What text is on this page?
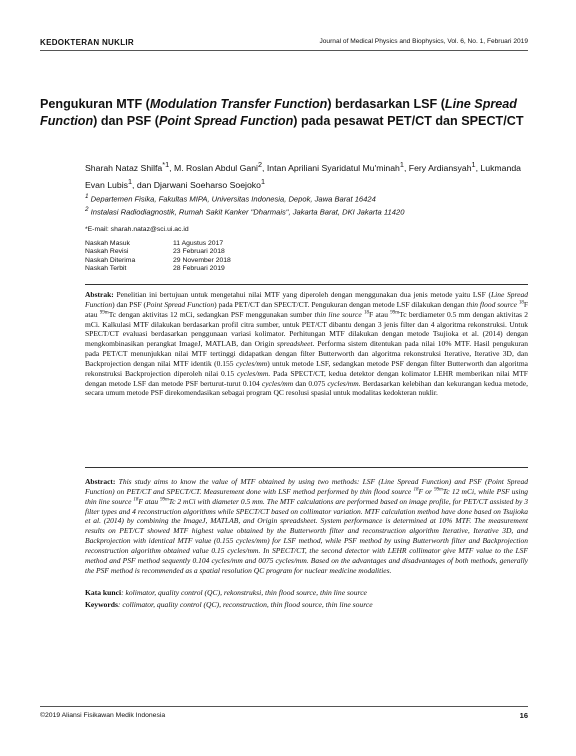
KEDOKTERAN NUKLIR	Journal of Medical Physics and Biophysics, Vol. 6, No. 1, Februari 2019
Pengukuran MTF (Modulation Transfer Function) berdasarkan LSF (Line Spread Function) dan PSF (Point Spread Function) pada pesawat PET/CT dan SPECT/CT
Sharah Nataz Shilfa$^{*1}$, M. Roslan Abdul Gani$^2$, Intan Apriliani Syaridatul Mu'minah$^1$, Fery Ardiansyah$^1$, Lukmanda Evan Lubis$^1$, dan Djarwani Soeharso Soejoko$^1$
$^1$ Departemen Fisika, Fakultas MIPA, Universitas Indonesia, Depok, Jawa Barat 16424
$^2$ Instalasi Radiodiagnostik, Rumah Sakit Kanker "Dharmais", Jakarta Barat, DKI Jakarta 11420
*E-mail: sharah.nataz@sci.ui.ac.id
Naskah Masuk	11 Agustus 2017
Naskah Revisi	23 Februari 2018
Naskah Diterima	29 November 2018
Naskah Terbit	28 Februari 2019

Abstrak: Penelitian ini bertujuan untuk mengetahui nilai MTF yang diperoleh dengan menggunakan dua jenis metode yaitu LSF (Line Spread Function) dan PSF (Point Spread Function) pada PET/CT dan SPECT/CT. Pengukuran dengan metode LSF dilakukan dengan thin flood source $^{18}$F atau $^{99m}$Tc dengan aktivitas 12 mCi, sedangkan PSF menggunakan sumber thin line source $^{18}$F atau $^{99m}$Tc berdiameter 0.5 mm dengan aktivitas 2 mCi. Kalkulasi MTF dilakukan berdasarkan profil citra sumber, untuk PET/CT dibantu dengan 3 jenis filter dan 4 algoritma rekonstruksi. Untuk SPECT/CT evaluasi berdasarkan penggunaan variasi kolimator. Perhitungan MTF dilakukan dengan metode Tsujioka et al. (2014) dengan mengkombinasikan perangkat ImageJ, MATLAB, dan Origin spreadsheet. Performa sistem ditentukan pada nilai 10% MTF. Hasil pengukuran pada PET/CT menunjukkan nilai MTF tertinggi didapatkan dengan filter Butterworth dan algoritma rekonstruksi Iterative, Iterative 3D, dan Backprojection dengan nilai MTF identik (0.155 cycles/mm) untuk metode LSF, sedangkan metode PSF dengan filter Butterworth dan algoritma rekonstruksi Backprojection diperoleh nilai 0.15 cycles/mm. Pada SPECT/CT, kedua detektor dengan kolimator LEHR memberikan nilai MTF dengan metode LSF dan metode PSF berturut-turut 0.104 cycles/mm dan 0.075 cycles/mm. Berdasarkan kelebihan dan kekurangan kedua metode, secara umum metode PSF direkomendasikan sebagai program QC resolusi spasial untuk modalitas kedokteran nuklir.

Abstract: This study aims to know the value of MTF obtained by using two methods: LSF (Line Spread Function) and PSF (Point Spread Function) on PET/CT and SPECT/CT. Measurement done with LSF method performed by thin flood source $^{18}$F or $^{99m}$Tc 12 mCi, while PSF using thin line source $^{18}$F atau $^{99m}$Tc 2 mCi with diameter 0.5 mm. The MTF calculations are performed based on image profile, for PET/CT assisted by 3 filter types and 4 reconstruction algorithms while SPECT/CT based on collimator variation. MTF calculation method have done based on Tsujioka et al. (2014) by combining the ImageJ, MATLAB, and Origin spreadsheet. System performance is determined at 10% MTF. The measurement results on PET/CT showed MTF highest value obtained by the Butterworth filter and reconstruction algorithm Iterative, Iterative 3D, and Backprojection with identical MTF value (0.155 cycles/mm) for LSF method, while PSF method by using Butterworth filter and Backprojection reconstruction algorithm obtained value 0.15 cycles/mm. In SPECT/CT, the second detector with LEHR collimator give MTF value to the LSF method and PSF method sequently 0.104 cycles/mm and 0075 cycles/mm. Based on the advantages and disadvantages of both methods, generally the PSF method is recommended as a spatial resolution QC program for nuclear medicine modalities.

Kata kunci: kolimator, quality control (QC), rekonstruksi, thin flood source, thin line source
Keywords: collimator, quality control (QC), reconstruction, thin flood source, thin line source
©2019 Aliansi Fisikawan Medik Indonesia	16
